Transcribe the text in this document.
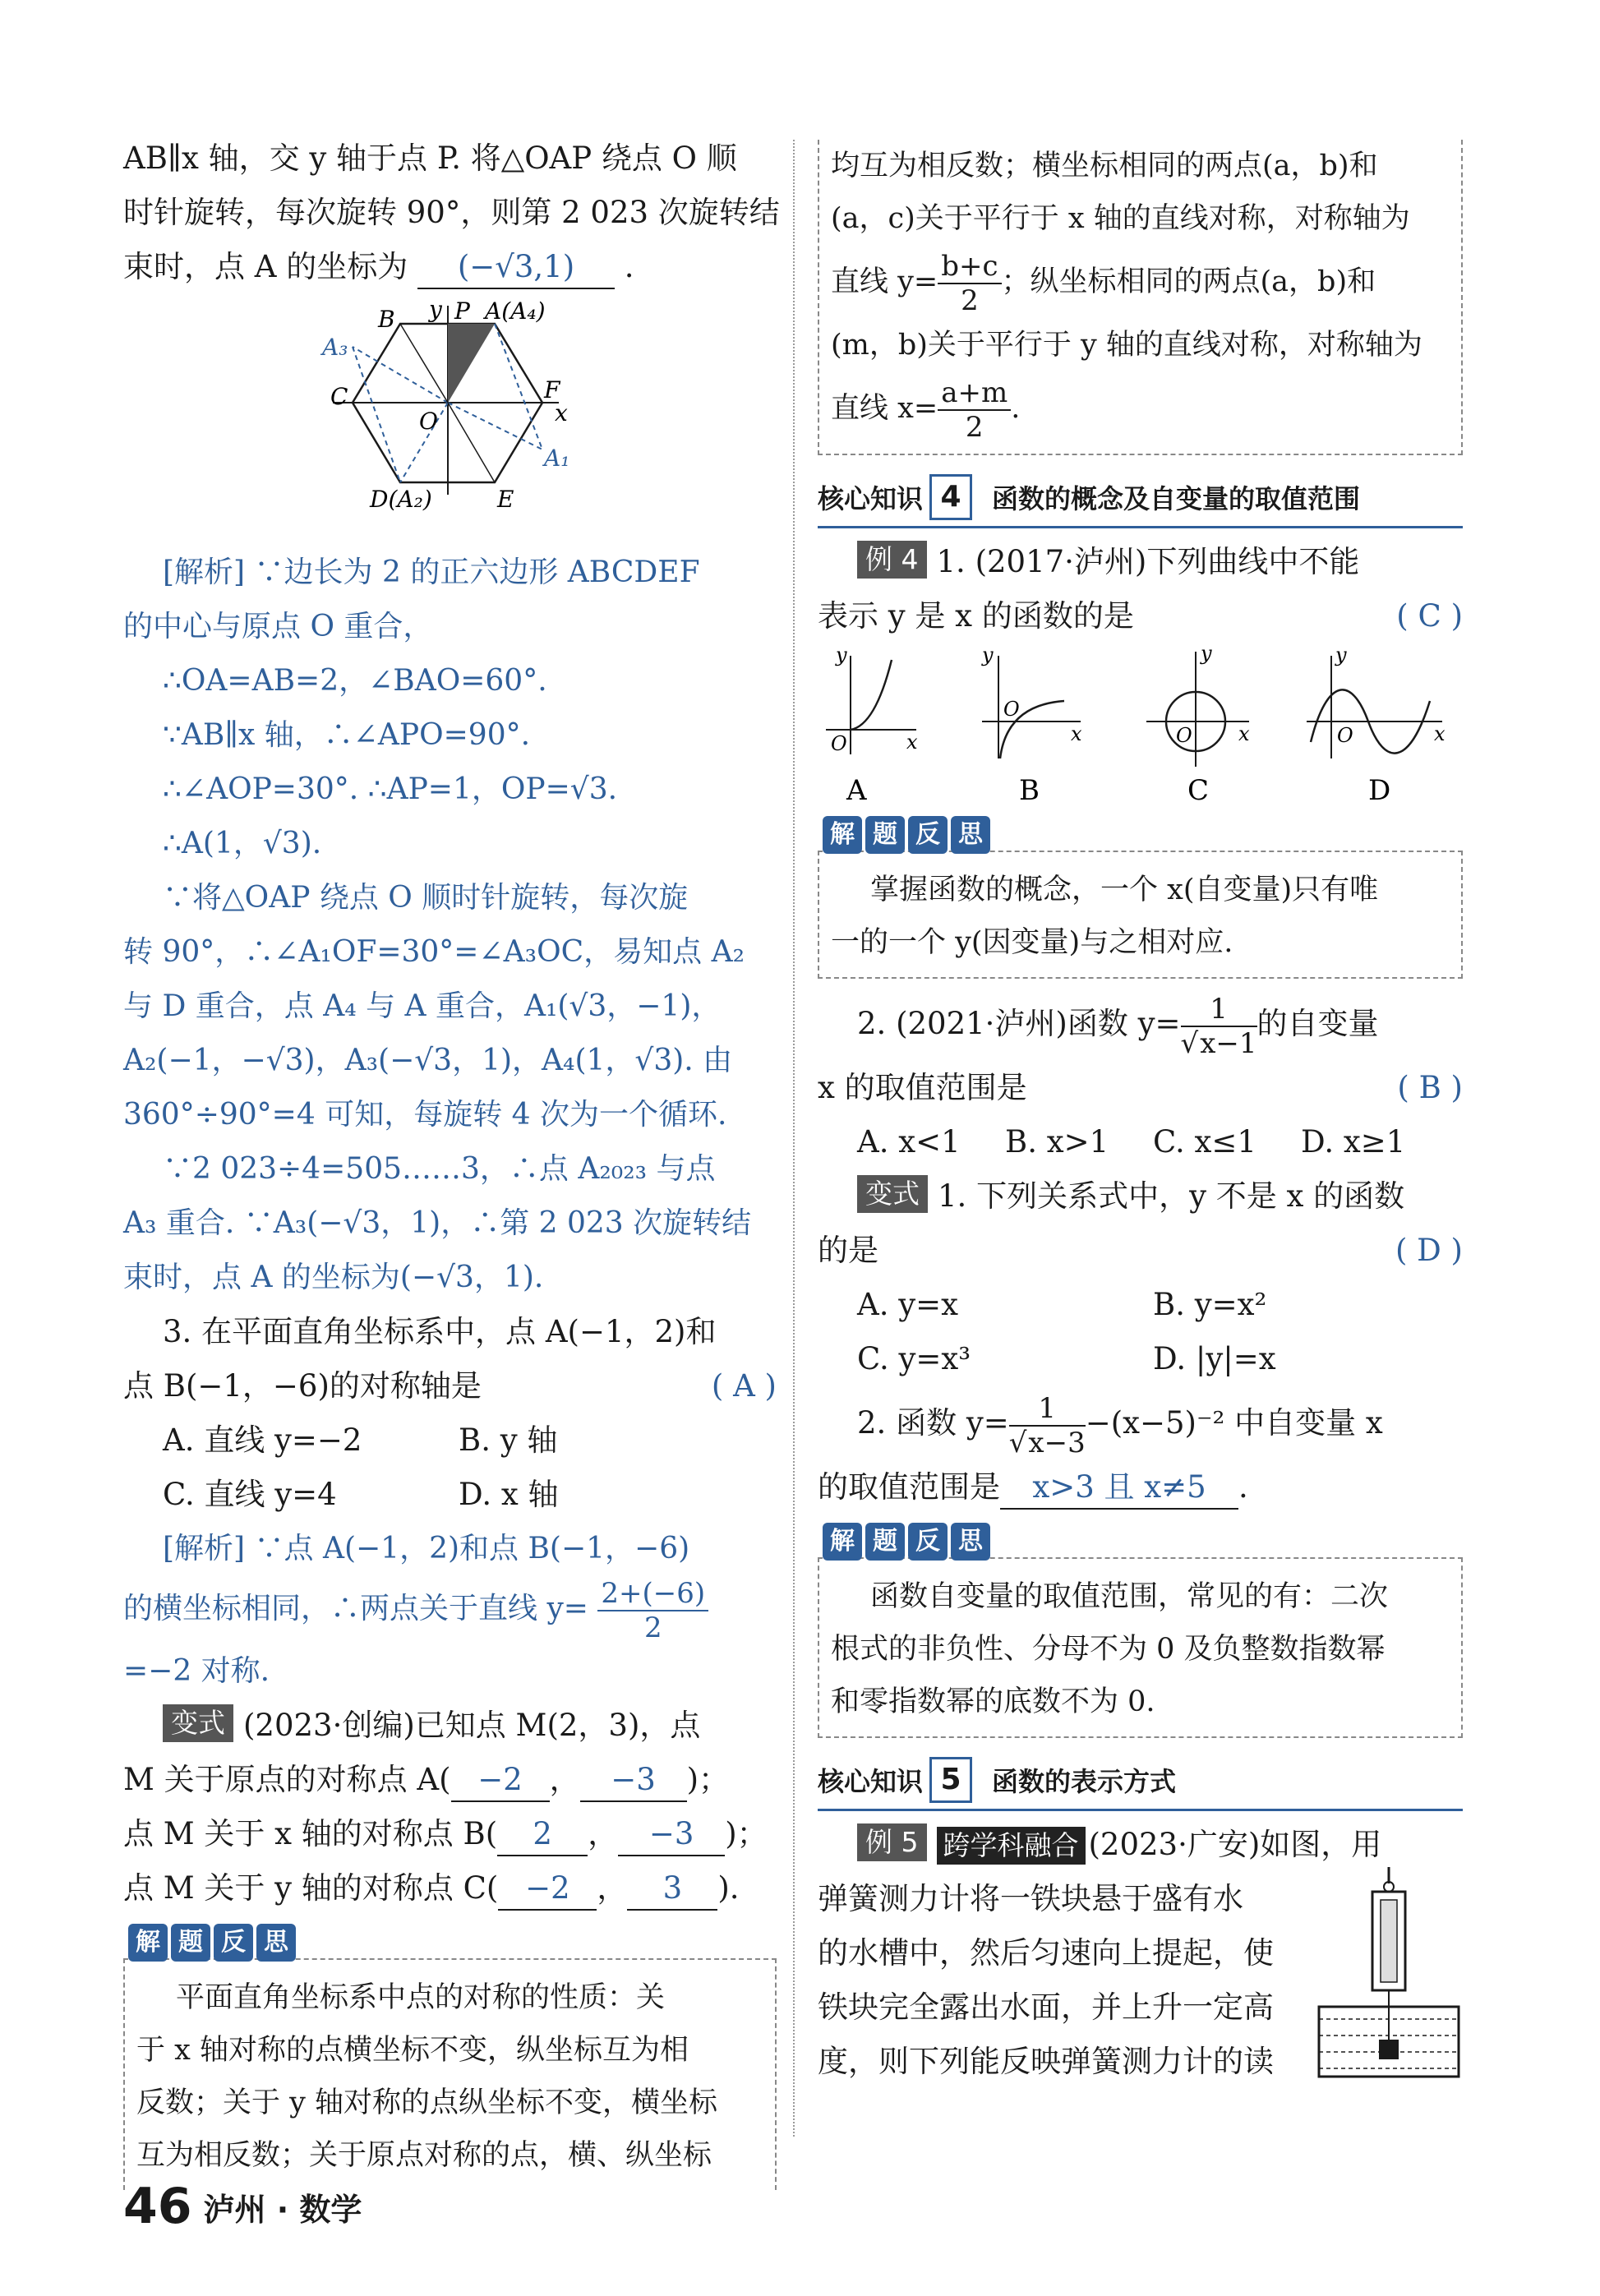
AB∥x 轴，交 y 轴于点 P. 将△OAP 绕点 O 顺

时针旋转，每次旋转 90°，则第 2 023 次旋转结

束时，点 A 的坐标为 (−√3,1) .

y P A(A₄)
B
A₃
C
O
F
x
A₁
D(A₂)	E

[解析] ∵边长为 2 的正六边形 ABCDEF

的中心与原点 O 重合，

∴OA=AB=2，∠BAO=60°.

∵AB∥x 轴，∴∠APO=90°.

∴∠AOP=30°. ∴AP=1，OP=√3.

∴A(1，√3).

∵将△OAP 绕点 O 顺时针旋转，每次旋

转 90°，∴∠A₁OF=30°=∠A₃OC，易知点 A₂

与 D 重合，点 A₄ 与 A 重合，A₁(√3，−1)，

A₂(−1，−√3)，A₃(−√3，1)，A₄(1，√3). 由

360°÷90°=4 可知，每旋转 4 次为一个循环.

∵2 023÷4=505……3，∴点 A₂₀₂₃ 与点

A₃ 重合. ∵A₃(−√3，1)，∴第 2 023 次旋转结

束时，点 A 的坐标为(−√3，1).

3. 在平面直角坐标系中，点 A(−1，2)和

点 B(−1，−6)的对称轴是	( A )

A. 直线 y=−2	B. y 轴
C. 直线 y=4	D. x 轴

[解析] ∵点 A(−1，2)和点 B(−1，−6)

的横坐标相同，∴两点关于直线 $y= \frac{2+(-6)}{2}$

=−2 对称.

变式 (2023·创编)已知点 M(2，3)，点

M 关于原点的对称点 A( −2 ， −3 )；

点 M 关于 x 轴的对称点 B( 2 ， −3 )；

点 M 关于 y 轴的对称点 C( −2 ， 3 ).

解 题 反 思

平面直角坐标系中点的对称的性质：关

于 x 轴对称的点横坐标不变，纵坐标互为相

反数；关于 y 轴对称的点纵坐标不变，横坐标

互为相反数；关于原点对称的点，横、纵坐标

均互为相反数；横坐标相同的两点(a，b)和

(a，c)关于平行于 x 轴的直线对称，对称轴为

直线 $y= \frac{b+c}{2}$ ；纵坐标相同的两点(a，b)和

(m，b)关于平行于 y 轴的直线对称，对称轴为

直线 $x= \frac{a+m}{2}$ .

核心知识 4	函数的概念及自变量的取值范围

例 4 1. (2017·泸州)下列曲线中不能

表示 y 是 x 的函数的是	( C )

y
x
O
A
y
x
O
B
y
x
O
C
y
x
O
D
解 题 反 思

掌握函数的概念，一个 x(自变量)只有唯

一的一个 y(因变量)与之相对应.

2. (2021·泸州)函数 $y= \frac{1}{√x-1}$ 的自变量

x 的取值范围是	( B )

A. x<1	B. x>1	C. x≤1	D. x≥1

变式 1. 下列关系式中，y 不是 x 的函数

的是	( D )

A. y=x	B. y=x²
C. y=x³	D. |y|=x

2. 函数 $y= \frac{1}{√x-3} -(x-5)^{-2}$ 中自变量 x

的取值范围是 x>3 且 x≠5 .

解 题 反 思

函数自变量的取值范围，常见的有：二次

根式的非负性、分母不为 0 及负整数指数幂

和零指数幂的底数不为 0.

核心知识 5	函数的表示方式

例 5 跨学科融合 (2023·广安)如图，用

弹簧测力计将一铁块悬于盛有水

的水槽中，然后匀速向上提起，使

铁块完全露出水面，并上升一定高

度，则下列能反映弹簧测力计的读

46 泸州 · 数学
